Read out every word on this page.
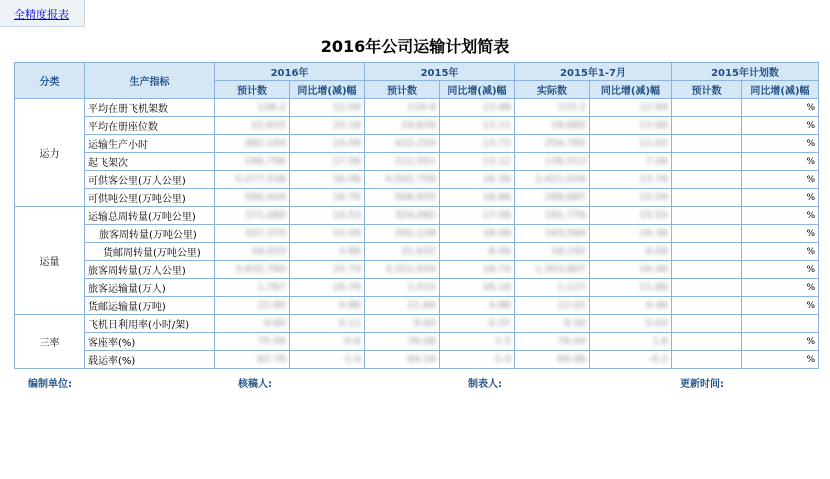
全精度报表
2016年公司运输计划简表
分类	生产指标	2016年		2015年		2015年1-7月		2015年计划数	
		预计数	同比增(减)幅	预计数	同比增(减)幅	实际数	同比增(减)幅	预计数	同比增(减)幅
运力	平均在册飞机架数	136.2	12.09	119.9	13.98	115.2	12.94		%
	平均在册座位数	22,615	15.16	19,639	13.11	18,685	13.66		%
	运输生产小时	482,144	14.09	422,220	13.72	254,765	12.63		%
	起飞架次	246,796	17.56	212,551	13.12	136,513	7.06		%
	可供客公里(万人公里)	5,077,538	16.06	4,502,759	16.36	2,421,039	13.76		%
	可供吨公里(万吨公里)	590,444	16.76	506,935	18.86	288,687	15.09		%
运量	运输总周转量(万吨公里)	371,080	14.53	324,082	17.06	181,776	15.55		%
	旅客周转量(万吨公里)	337,370	15.09	292,128	18.56	163,584	16.36		%
	货邮周转量(万吨公里)	34,033	3.86	31,632	8.06	18,192	6.09		%
	旅客周转量(万人公里)	3,832,760	15.74	3,321,034	18.74	1,353,807	16.46		%
	旅客运输量(万人)	1,767	16.76	1,515	16.16	1,127	11.86		%
	货邮运输量(万吨)	22.80	4.86	21.84	4.86	12.01	4.46		%
三率	飞机日利用率(小时/架)	9.60	0.11	9.65	0.37	9.30	0.03		
	客座率(%)	75.56	-0.6	76.06	1.5	76.04	1.6		%
	载运率(%)	62.76	-1.0	64.16	-1.0	64.06	-0.2		%
编制单位:	核稿人:	制表人:	更新时间:
